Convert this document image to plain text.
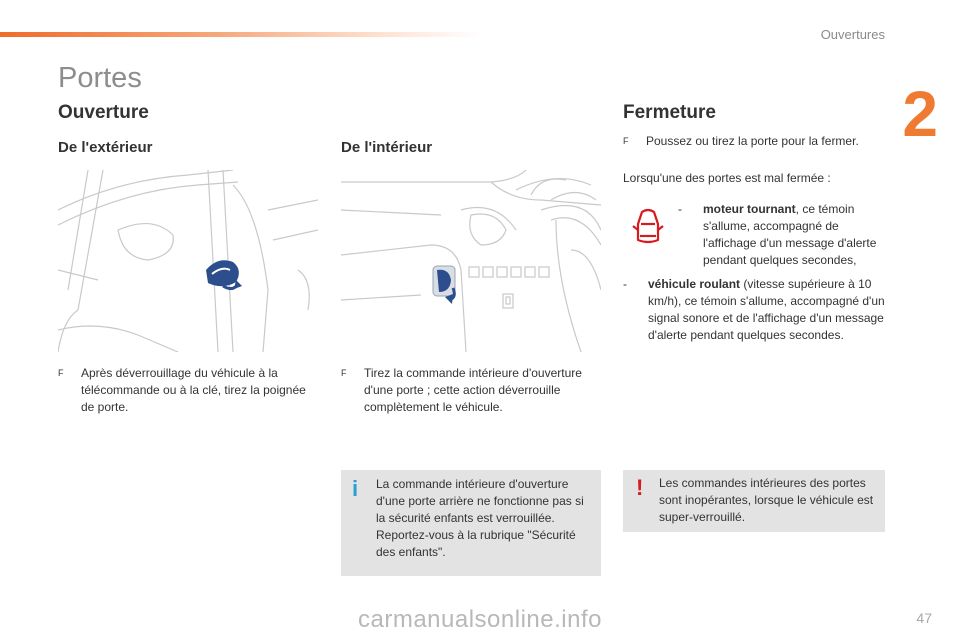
Ouvertures
2
Portes
Ouverture
De l'extérieur	De l'intérieur
F	Après déverrouillage du véhicule à la télécommande ou à la clé, tirez la poignée de porte.
F	Tirez la commande intérieure d'ouverture d'une porte ; cette action déverrouille complètement le véhicule.
i La commande intérieure d'ouverture d'une porte arrière ne fonctionne pas si la sécurité enfants est verrouillée. Reportez-vous à la rubrique "Sécurité des enfants".
Fermeture
F	Poussez ou tirez la porte pour la fermer.
Lorsqu'une des portes est mal fermée :
-	moteur tournant, ce témoin s'allume, accompagné de l'affichage d'un message d'alerte pendant quelques secondes,
-	véhicule roulant (vitesse supérieure à 10 km/h), ce témoin s'allume, accompagné d'un signal sonore et de l'affichage d'un message d'alerte pendant quelques secondes.
! Les commandes intérieures des portes sont inopérantes, lorsque le véhicule est super-verrouillé.
carmanualsonline.info	47
